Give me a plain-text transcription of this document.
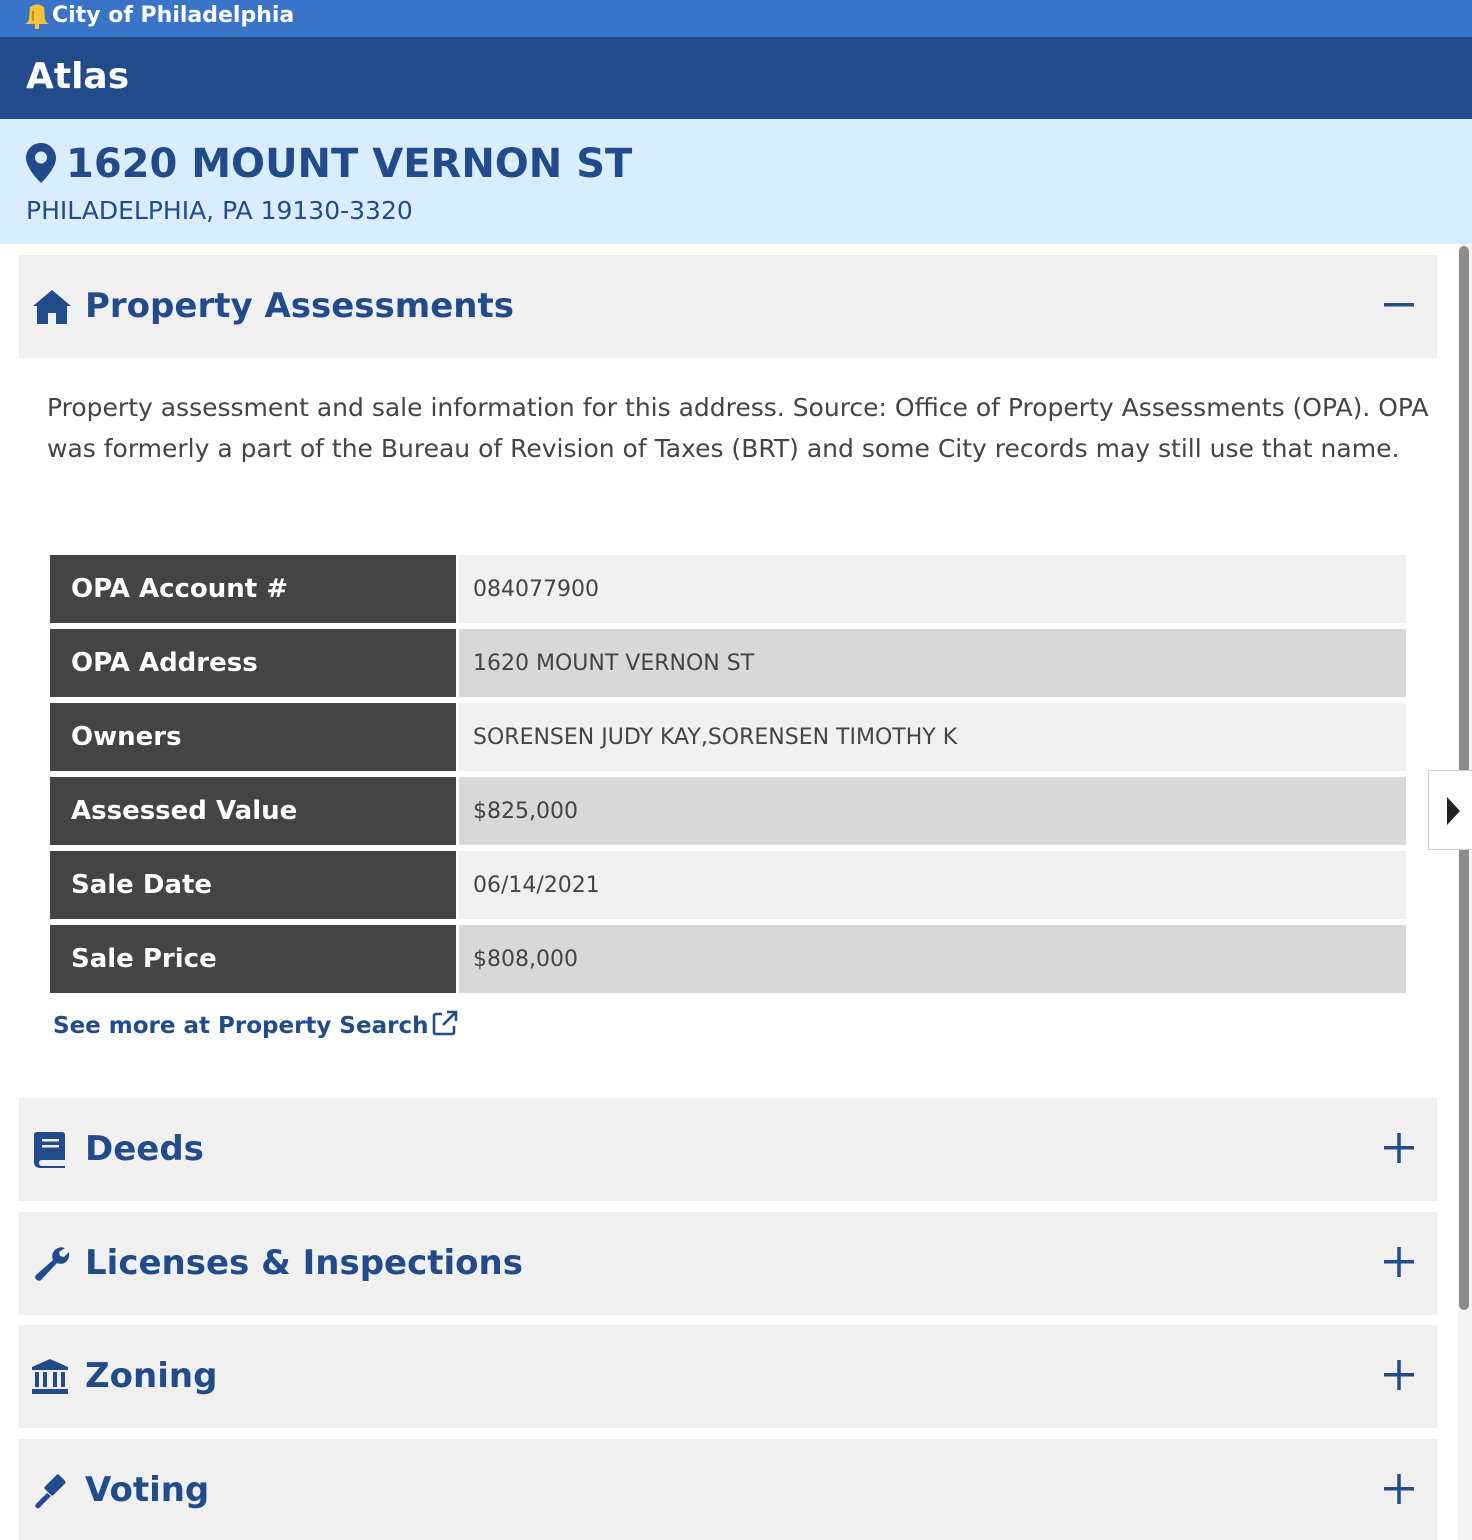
City of Philadelphia
Atlas
1620 MOUNT VERNON ST
PHILADELPHIA, PA 19130-3320
Property Assessments

Property assessment and sale information for this address. Source: Office of Property Assessments (OPA). OPA was formerly a part of the Bureau of Revision of Taxes (BRT) and some City records may still use that name.

OPA Account #	084077900
OPA Address	1620 MOUNT VERNON ST
Owners	SORENSEN JUDY KAY,SORENSEN TIMOTHY K
Assessed Value	$825,000
Sale Date	06/14/2021
Sale Price	$808,000
See more at Property Search
Deeds
Licenses & Inspections
Zoning
Voting
